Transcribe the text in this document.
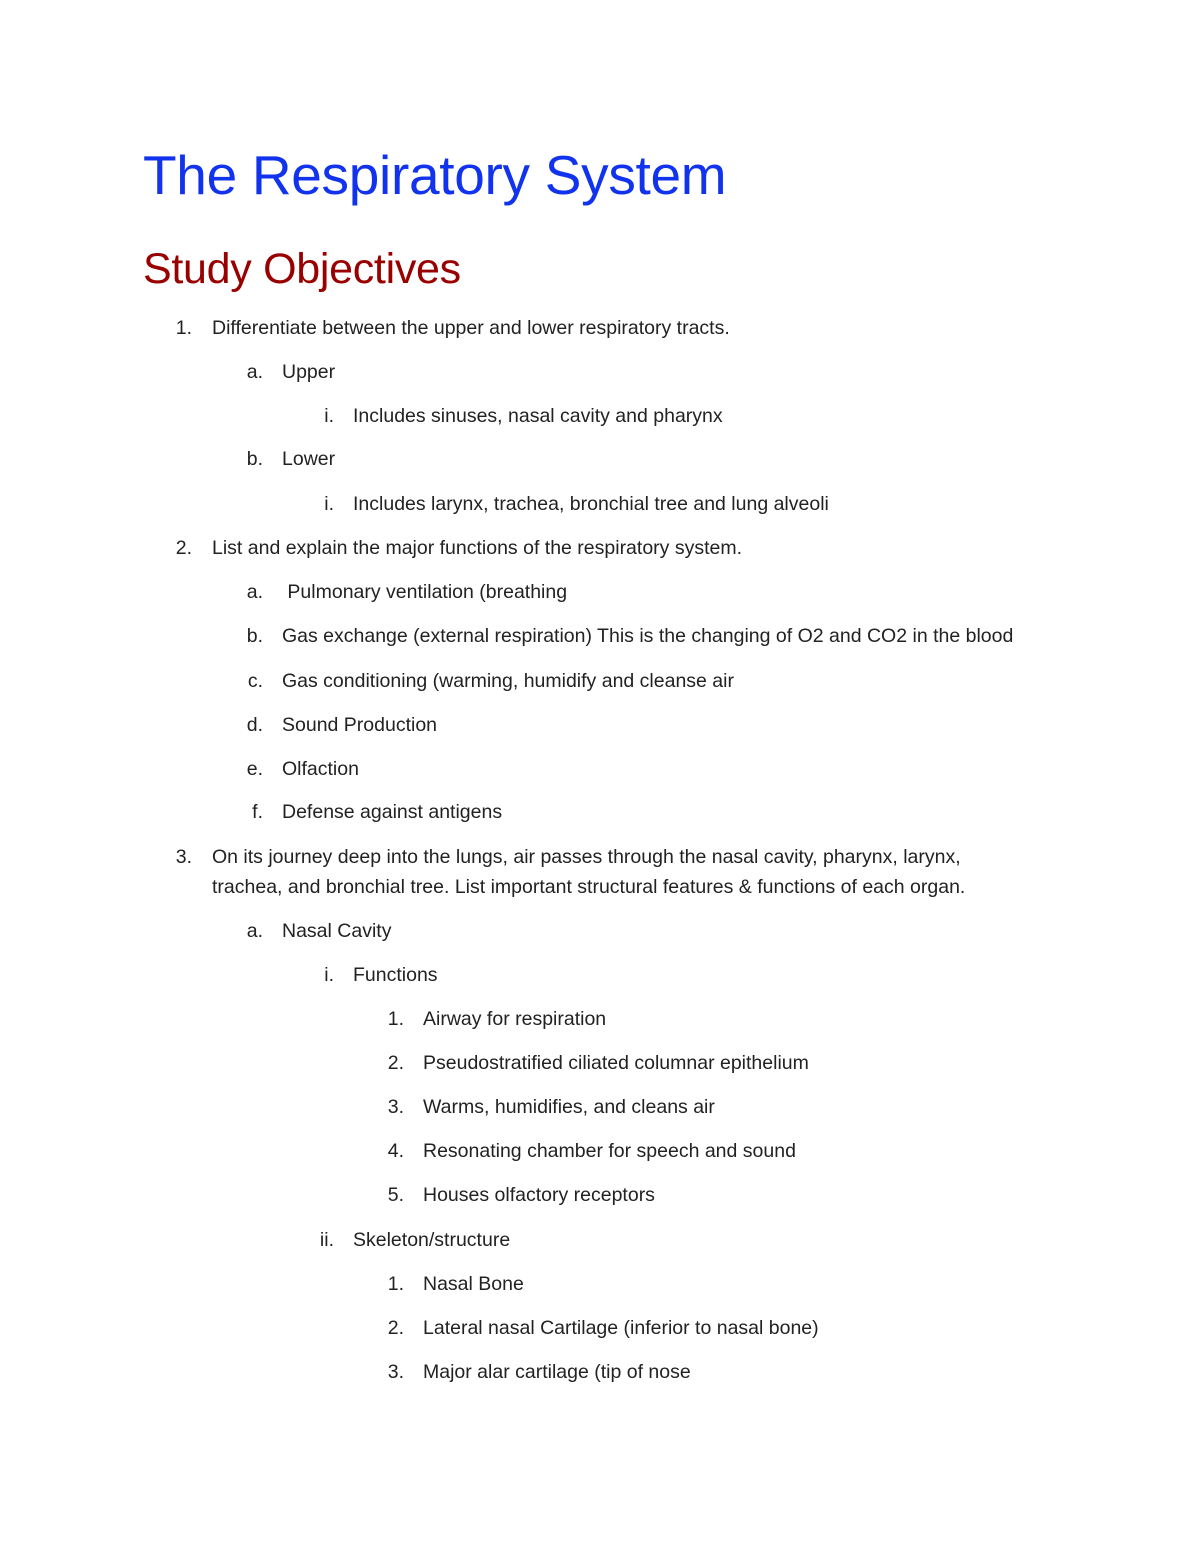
The Respiratory System
Study Objectives
1. Differentiate between the upper and lower respiratory tracts.
a. Upper
i. Includes sinuses, nasal cavity and pharynx
b. Lower
i. Includes larynx, trachea, bronchial tree and lung alveoli
2. List and explain the major functions of the respiratory system.
a. Pulmonary ventilation (breathing
b. Gas exchange (external respiration) This is the changing of O2 and CO2 in the blood
c. Gas conditioning (warming, humidify and cleanse air
d. Sound Production
e. Olfaction
f. Defense against antigens
3. On its journey deep into the lungs, air passes through the nasal cavity, pharynx, larynx,
trachea, and bronchial tree. List important structural features & functions of each organ.
a. Nasal Cavity
i. Functions
1. Airway for respiration
2. Pseudostratified ciliated columnar epithelium
3. Warms, humidifies, and cleans air
4. Resonating chamber for speech and sound
5. Houses olfactory receptors
ii. Skeleton/structure
1. Nasal Bone
2. Lateral nasal Cartilage (inferior to nasal bone)
3. Major alar cartilage (tip of nose
